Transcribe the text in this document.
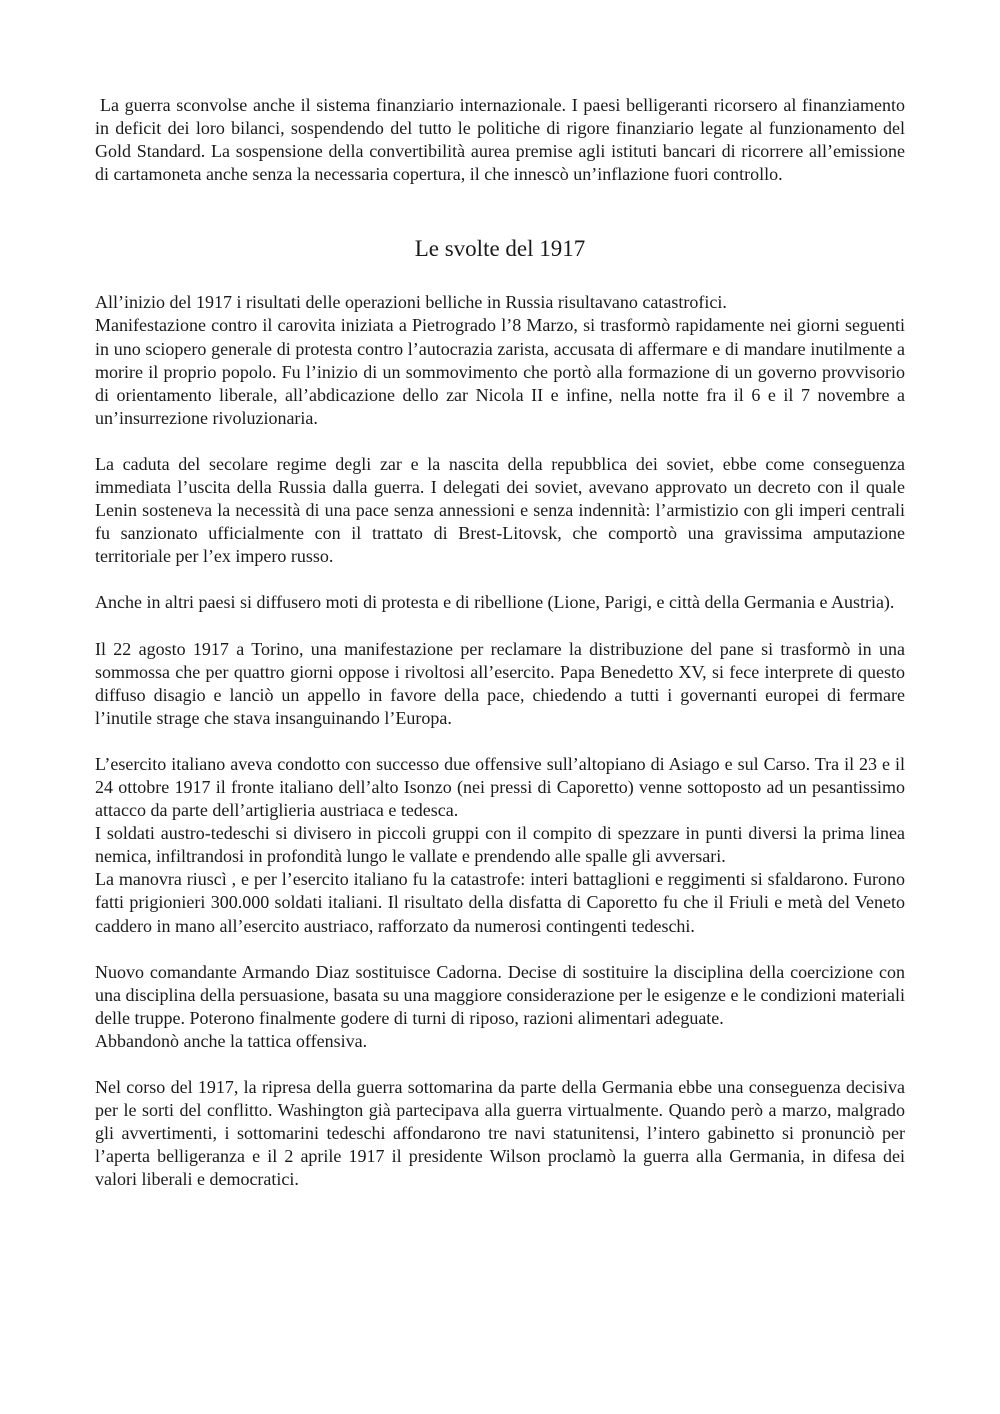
La guerra sconvolse anche il sistema finanziario internazionale. I paesi belligeranti ricorsero al finanziamento in deficit dei loro bilanci, sospendendo del tutto le politiche di rigore finanziario legate al funzionamento del Gold Standard. La sospensione della convertibilità aurea premise agli istituti bancari di ricorrere all’emissione di cartamoneta anche senza la necessaria copertura, il che innescò un’inflazione fuori controllo.

Le svolte del 1917

All’inizio del 1917 i risultati delle operazioni belliche in Russia risultavano catastrofici.

Manifestazione contro il carovita iniziata a Pietrogrado l’8 Marzo, si trasformò rapidamente nei giorni seguenti in uno sciopero generale di protesta contro l’autocrazia zarista, accusata di affermare e di mandare inutilmente a morire il proprio popolo. Fu l’inizio di un sommovimento che portò alla formazione di un governo provvisorio di orientamento liberale, all’abdicazione dello zar Nicola II e infine, nella notte fra il 6 e il 7 novembre a un’insurrezione rivoluzionaria.

La caduta del secolare regime degli zar e la nascita della repubblica dei soviet, ebbe come conseguenza immediata l’uscita della Russia dalla guerra. I delegati dei soviet, avevano approvato un decreto con il quale Lenin sosteneva la necessità di una pace senza annessioni e senza indennità: l’armistizio con gli imperi centrali fu sanzionato ufficialmente con il trattato di Brest-Litovsk, che comportò una gravissima amputazione territoriale per l’ex impero russo.

Anche in altri paesi si diffusero moti di protesta e di ribellione (Lione, Parigi, e città della Germania e Austria).

Il 22 agosto 1917 a Torino, una manifestazione per reclamare la distribuzione del pane si trasformò in una sommossa che per quattro giorni oppose i rivoltosi all’esercito. Papa Benedetto XV, si fece interprete di questo diffuso disagio e lanciò un appello in favore della pace, chiedendo a tutti i governanti europei di fermare l’inutile strage che stava insanguinando l’Europa.

L’esercito italiano aveva condotto con successo due offensive sull’altopiano di Asiago e sul Carso. Tra il 23 e il 24 ottobre 1917 il fronte italiano dell’alto Isonzo (nei pressi di Caporetto) venne sottoposto ad un pesantissimo attacco da parte dell’artiglieria austriaca e tedesca.

I soldati austro-tedeschi si divisero in piccoli gruppi con il compito di spezzare in punti diversi la prima linea nemica, infiltrandosi in profondità lungo le vallate e prendendo alle spalle gli avversari.

La manovra riuscì , e per l’esercito italiano fu la catastrofe: interi battaglioni e reggimenti si sfaldarono. Furono fatti prigionieri 300.000 soldati italiani. Il risultato della disfatta di Caporetto fu che il Friuli e metà del Veneto caddero in mano all’esercito austriaco, rafforzato da numerosi contingenti tedeschi.

Nuovo comandante Armando Diaz sostituisce Cadorna. Decise di sostituire la disciplina della coercizione con una disciplina della persuasione, basata su una maggiore considerazione per le esigenze e le condizioni materiali delle truppe. Poterono finalmente godere di turni di riposo, razioni alimentari adeguate.

Abbandonò anche la tattica offensiva.

Nel corso del 1917, la ripresa della guerra sottomarina da parte della Germania ebbe una conseguenza decisiva per le sorti del conflitto. Washington già partecipava alla guerra virtualmente. Quando però a marzo, malgrado gli avvertimenti, i sottomarini tedeschi affondarono tre navi statunitensi, l’intero gabinetto si pronunciò per l’aperta belligeranza e il 2 aprile 1917 il presidente Wilson proclamò la guerra alla Germania, in difesa dei valori liberali e democratici.
